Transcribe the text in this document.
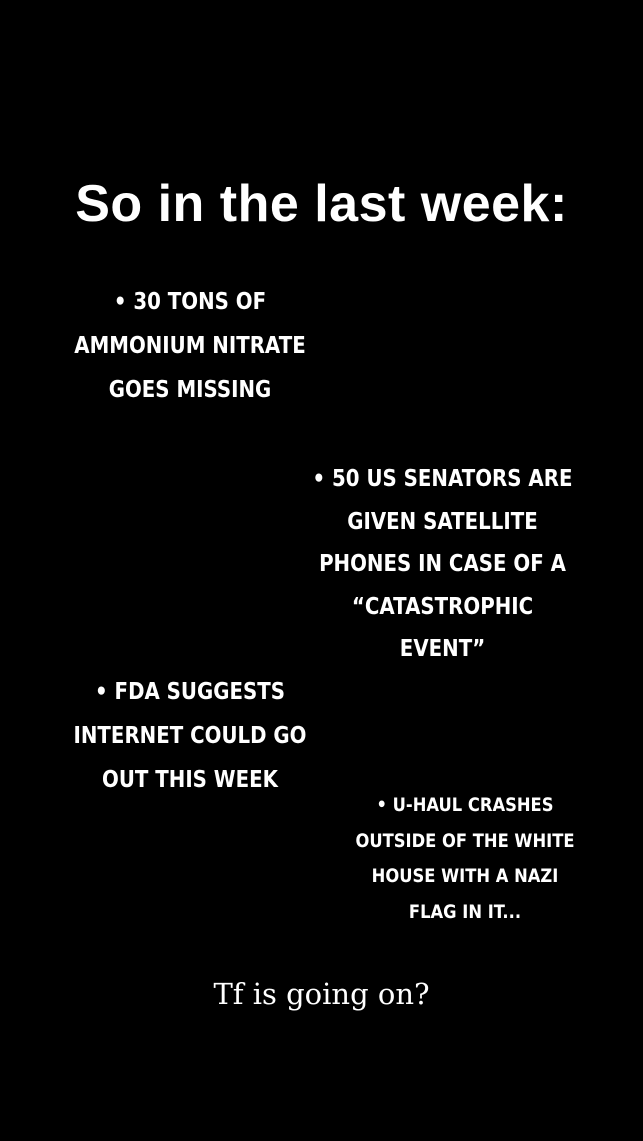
So in the last week:
• 30 TONS OF
AMMONIUM NITRATE
GOES MISSING
• 50 US SENATORS ARE
GIVEN SATELLITE
PHONES IN CASE OF A
“CATASTROPHIC
EVENT”
• FDA SUGGESTS
INTERNET COULD GO
OUT THIS WEEK
• U-HAUL CRASHES
OUTSIDE OF THE WHITE
HOUSE WITH A NAZI
FLAG IN IT...
Tf is going on?
